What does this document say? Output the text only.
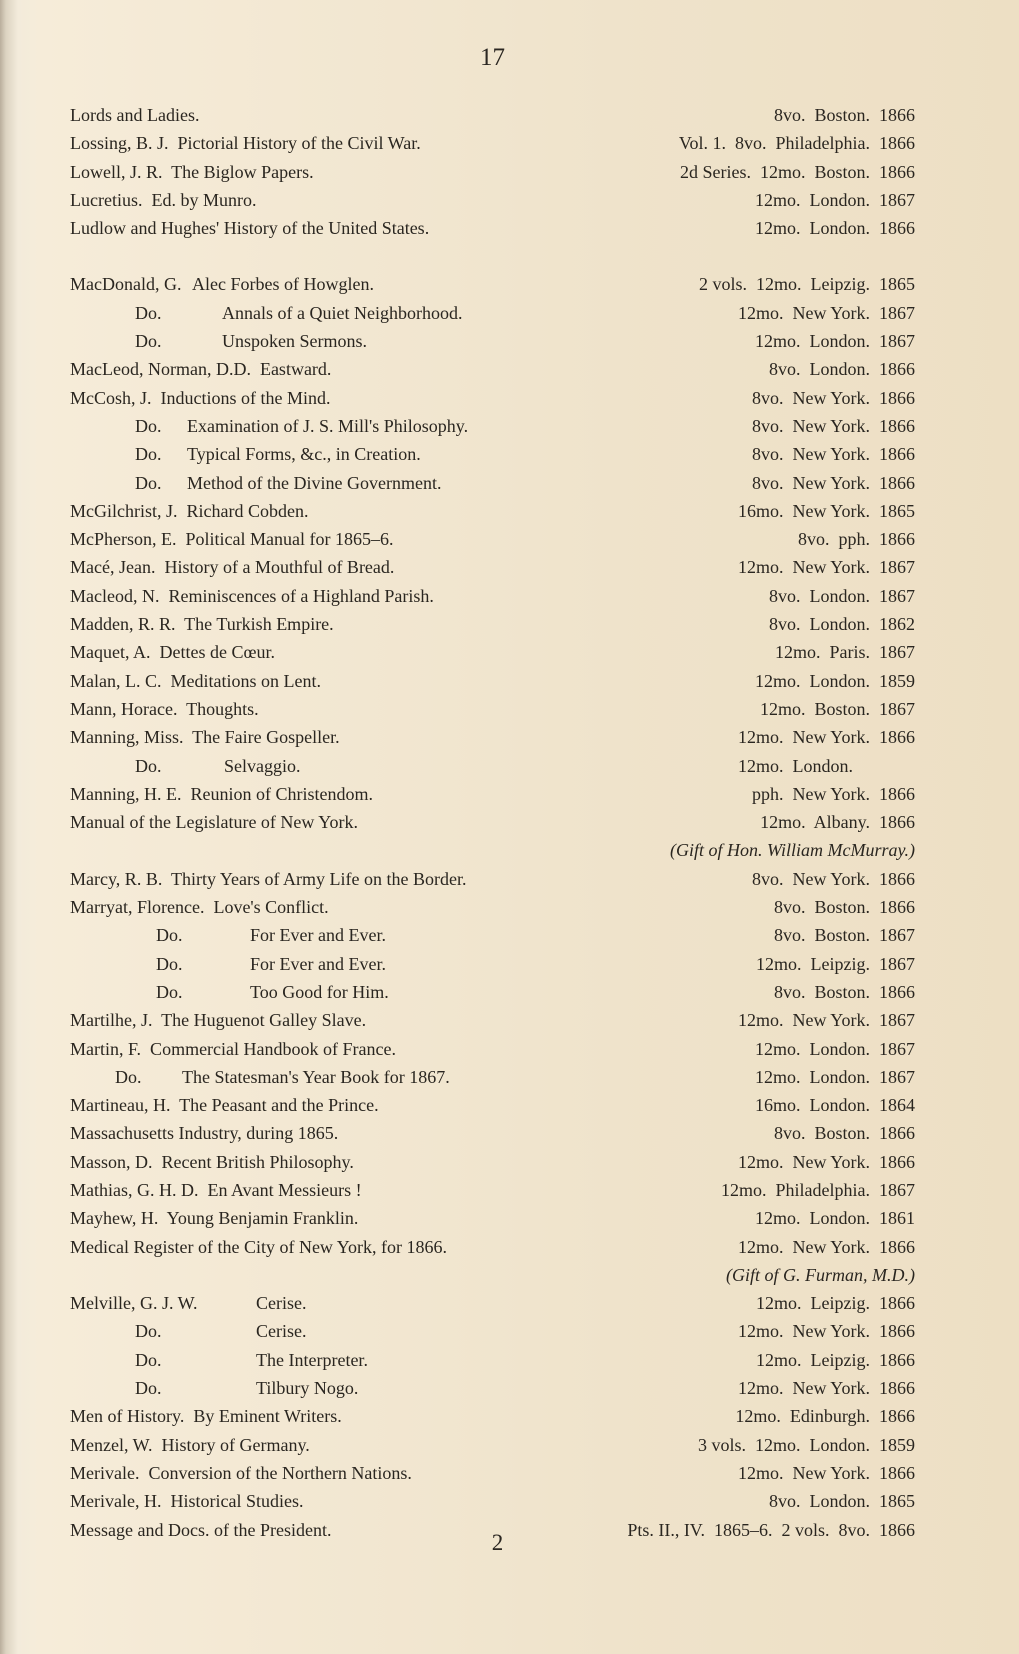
17
Lords and Ladies.	8vo.  Boston.  1866
Lossing, B. J.  Pictorial History of the Civil War.	Vol. 1.  8vo.  Philadelphia.  1866
Lowell, J. R.  The Biglow Papers.	2d Series.  12mo.  Boston.  1866
Lucretius.  Ed. by Munro.	12mo.  London.  1867
Ludlow and Hughes' History of the United States.	12mo.  London.  1866
MacDonald, G. Alec Forbes of Howglen.	2 vols.  12mo.  Leipzig.  1865
Do.	Annals of a Quiet Neighborhood.	12mo.  New York.  1867
Do.	Unspoken Sermons.	12mo.  London.  1867
MacLeod, Norman, D.D.  Eastward.	8vo.  London.  1866
McCosh, J.  Inductions of the Mind.	8vo.  New York.  1866
Do. Examination of J. S. Mill's Philosophy.	8vo.  New York.  1866
Do. Typical Forms, &c., in Creation.	8vo.  New York.  1866
Do. Method of the Divine Government.	8vo.  New York.  1866
McGilchrist, J.  Richard Cobden.	16mo.  New York.  1865
McPherson, E.  Political Manual for 1865–6.	8vo.  pph.  1866
Macé, Jean.  History of a Mouthful of Bread.	12mo.  New York.  1867
Macleod, N.  Reminiscences of a Highland Parish.	8vo.  London.  1867
Madden, R. R.  The Turkish Empire.	8vo.  London.  1862
Maquet, A.  Dettes de Cœur.	12mo.  Paris.  1867
Malan, L. C.  Meditations on Lent.	12mo.  London.  1859
Mann, Horace.  Thoughts.	12mo.  Boston.  1867
Manning, Miss.  The Faire Gospeller.	12mo.  New York.  1866
Do.	Selvaggio.	12mo.  London.
Manning, H. E.  Reunion of Christendom.	pph.  New York.  1866
Manual of the Legislature of New York.	12mo.  Albany.  1866
(Gift of Hon. William McMurray.)
Marcy, R. B.  Thirty Years of Army Life on the Border.	8vo.  New York.  1866
Marryat, Florence.  Love's Conflict.	8vo.  Boston.  1866
Do.	For Ever and Ever.	8vo.  Boston.  1867
Do.	For Ever and Ever.	12mo.  Leipzig.  1867
Do.	Too Good for Him.	8vo.  Boston.  1866
Martilhe, J.  The Huguenot Galley Slave.	12mo.  New York.  1867
Martin, F.  Commercial Handbook of France.	12mo.  London.  1867
Do. The Statesman's Year Book for 1867.	12mo.  London.  1867
Martineau, H.  The Peasant and the Prince.	16mo.  London.  1864
Massachusetts Industry, during 1865.	8vo.  Boston.  1866
Masson, D.  Recent British Philosophy.	12mo.  New York.  1866
Mathias, G. H. D.  En Avant Messieurs !	12mo.  Philadelphia.  1867
Mayhew, H.  Young Benjamin Franklin.	12mo.  London.  1861
Medical Register of the City of New York, for 1866.	12mo.  New York.  1866
(Gift of G. Furman, M.D.)
Melville, G. J. W.	Cerise.	12mo.  Leipzig.  1866
Do.	Cerise.	12mo.  New York.  1866
Do.	The Interpreter.	12mo.  Leipzig.  1866
Do.	Tilbury Nogo.	12mo.  New York.  1866
Men of History.  By Eminent Writers.	12mo.  Edinburgh.  1866
Menzel, W.  History of Germany.	3 vols.  12mo.  London.  1859
Merivale.  Conversion of the Northern Nations.	12mo.  New York.  1866
Merivale, H.  Historical Studies.	8vo.  London.  1865
Message and Docs. of the President.	Pts. II., IV.  1865–6.  2 vols.  8vo.  1866
2
